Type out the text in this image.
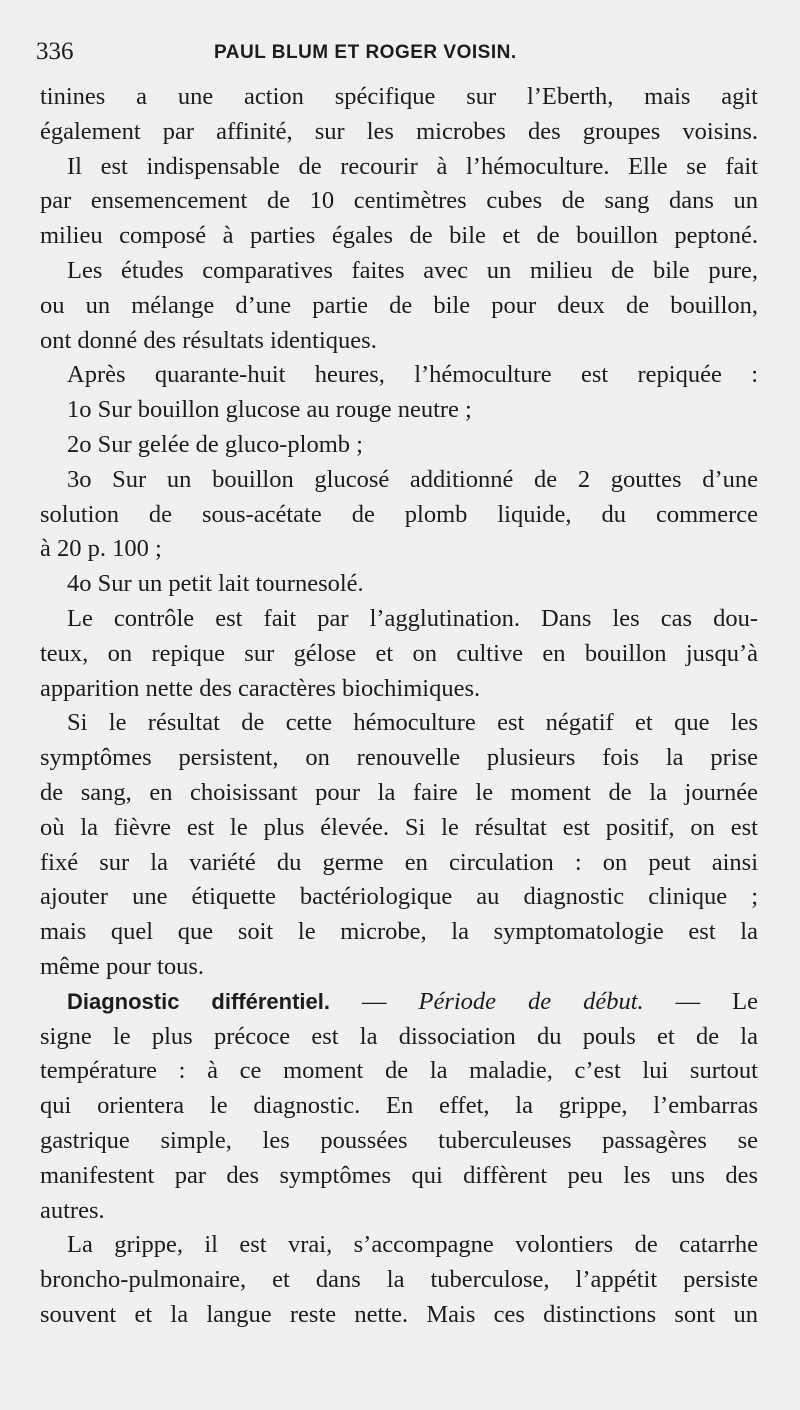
336	PAUL BLUM ET ROGER VOISIN.
tinines a une action spécifique sur l’Eberth, mais agit
également par affinité, sur les microbes des groupes voisins.
Il est indispensable de recourir à l’hémoculture. Elle se fait
par ensemencement de 10 centimètres cubes de sang dans un
milieu composé à parties égales de bile et de bouillon peptoné.
Les études comparatives faites avec un milieu de bile pure,
ou un mélange d’une partie de bile pour deux de bouillon,
ont donné des résultats identiques.
Après quarante-huit heures, l’hémoculture est repiquée :
1o Sur bouillon glucose au rouge neutre ;
2o Sur gelée de gluco-plomb ;
3o Sur un bouillon glucosé additionné de 2 gouttes d’une
solution de sous-acétate de plomb liquide, du commerce
à 20 p. 100 ;
4o Sur un petit lait tournesolé.
Le contrôle est fait par l’agglutination. Dans les cas dou-
teux, on repique sur gélose et on cultive en bouillon jusqu’à
apparition nette des caractères biochimiques.
Si le résultat de cette hémoculture est négatif et que les
symptômes persistent, on renouvelle plusieurs fois la prise
de sang, en choisissant pour la faire le moment de la journée
où la fièvre est le plus élevée. Si le résultat est positif, on est
fixé sur la variété du germe en circulation : on peut ainsi
ajouter une étiquette bactériologique au diagnostic clinique ;
mais quel que soit le microbe, la symptomatologie est la
même pour tous.
Diagnostic différentiel. — Période de début. — Le
signe le plus précoce est la dissociation du pouls et de la
température : à ce moment de la maladie, c’est lui surtout
qui orientera le diagnostic. En effet, la grippe, l’embarras
gastrique simple, les poussées tuberculeuses passagères se
manifestent par des symptômes qui diffèrent peu les uns des
autres.
La grippe, il est vrai, s’accompagne volontiers de catarrhe
broncho-pulmonaire, et dans la tuberculose, l’appétit persiste
souvent et la langue reste nette. Mais ces distinctions sont un
